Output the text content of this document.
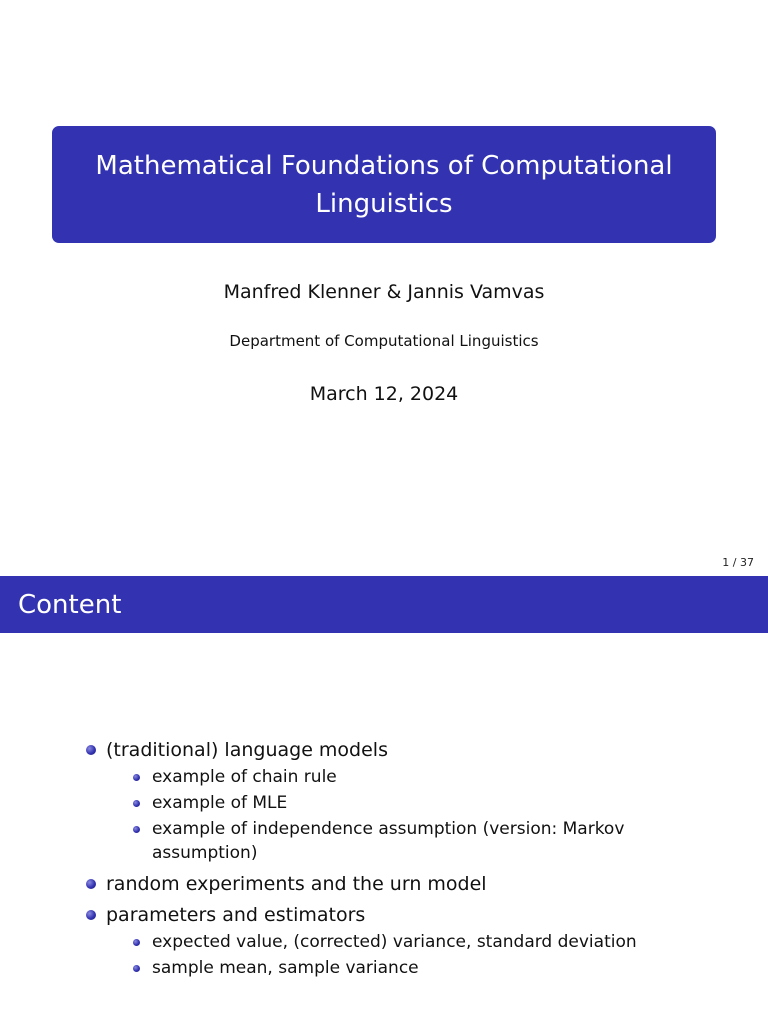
Mathematical Foundations of Computational Linguistics
Manfred Klenner & Jannis Vamvas
Department of Computational Linguistics
March 12, 2024
1 / 37
Content
(traditional) language models
example of chain rule
example of MLE
example of independence assumption (version: Markov assumption)
random experiments and the urn model
parameters and estimators
expected value, (corrected) variance, standard deviation
sample mean, sample variance
